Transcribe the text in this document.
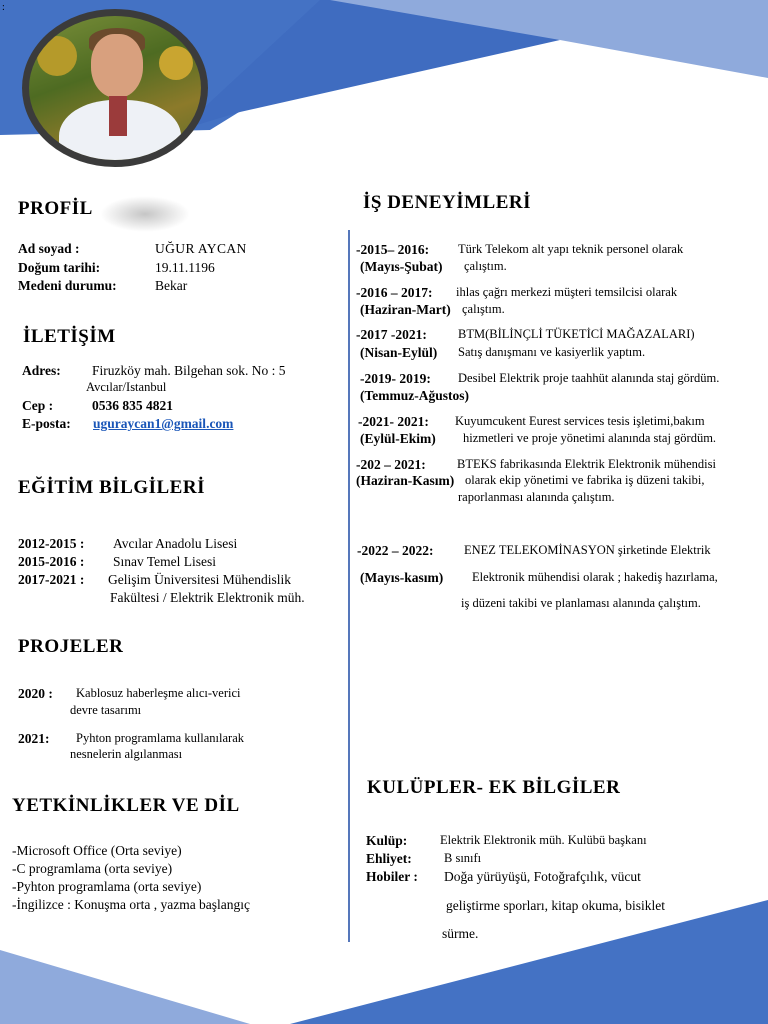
:
PROFİL
Ad soyad :	UĞUR AYCAN
Doğum tarihi:	19.11.1196
Medeni durumu:	Bekar
İLETİŞİM
Adres: Firuzköy mah. Bilgehan sok. No : 5
Avcılar/Istanbul
Cep :	0536 835 4821
E-posta: uguraycan1@gmail.com
EĞİTİM BİLGİLERİ
2012-2015 : Avcılar Anadolu Lisesi
2015-2016 : Sınav Temel Lisesi
2017-2021 : Gelişim Üniversitesi Mühendislik
Fakültesi / Elektrik Elektronik müh.
PROJELER
2020 : Kablosuz haberleşme alıcı-verici
devre tasarımı
2021: Pyhton programlama kullanılarak
nesnelerin algılanması
YETKİNLİKLER VE DİL
-Microsoft Office (Orta seviye)
-C programlama (orta seviye)
-Pyhton programlama (orta seviye)
-İngilizce : Konuşma orta , yazma başlangıç
İŞ DENEYİMLERİ
-2015– 2016: Türk Telekom alt yapı teknik personel olarak
(Mayıs-Şubat) çalıştım.
-2016 – 2017: ihlas çağrı merkezi müşteri temsilcisi olarak
(Haziran-Mart) çalıştım.
-2017 -2021: BTM(BİLİNÇLİ TÜKETİCİ MAĞAZALARI)
(Nisan-Eylül) Satış danışmanı ve kasiyerlik yaptım.
-2019- 2019: Desibel Elektrik proje taahhüt alanında staj gördüm.
(Temmuz-Ağustos)
-2021- 2021: Kuyumcukent Eurest services tesis işletimi,bakım
(Eylül-Ekim) hizmetleri ve proje yönetimi alanında staj gördüm.
-202 – 2021:	BTEKS fabrikasında Elektrik Elektronik mühendisi
(Haziran-Kasım) olarak ekip yönetimi ve fabrika iş düzeni takibi,
raporlanması alanında çalıştım.
-2022 – 2022: ENEZ TELEKOMİNASYON şirketinde Elektrik
(Mayıs-kasım) Elektronik mühendisi olarak ; hakediş hazırlama,
iş düzeni takibi ve planlaması alanında çalıştım.
KULÜPLER- EK BİLGİLER
Kulüp:	Elektrik Elektronik müh. Kulübü başkanı
Ehliyet:	B sınıfı
Hobiler : Doğa yürüyüşü, Fotoğrafçılık, vücut
geliştirme sporları, kitap okuma, bisiklet
sürme.
